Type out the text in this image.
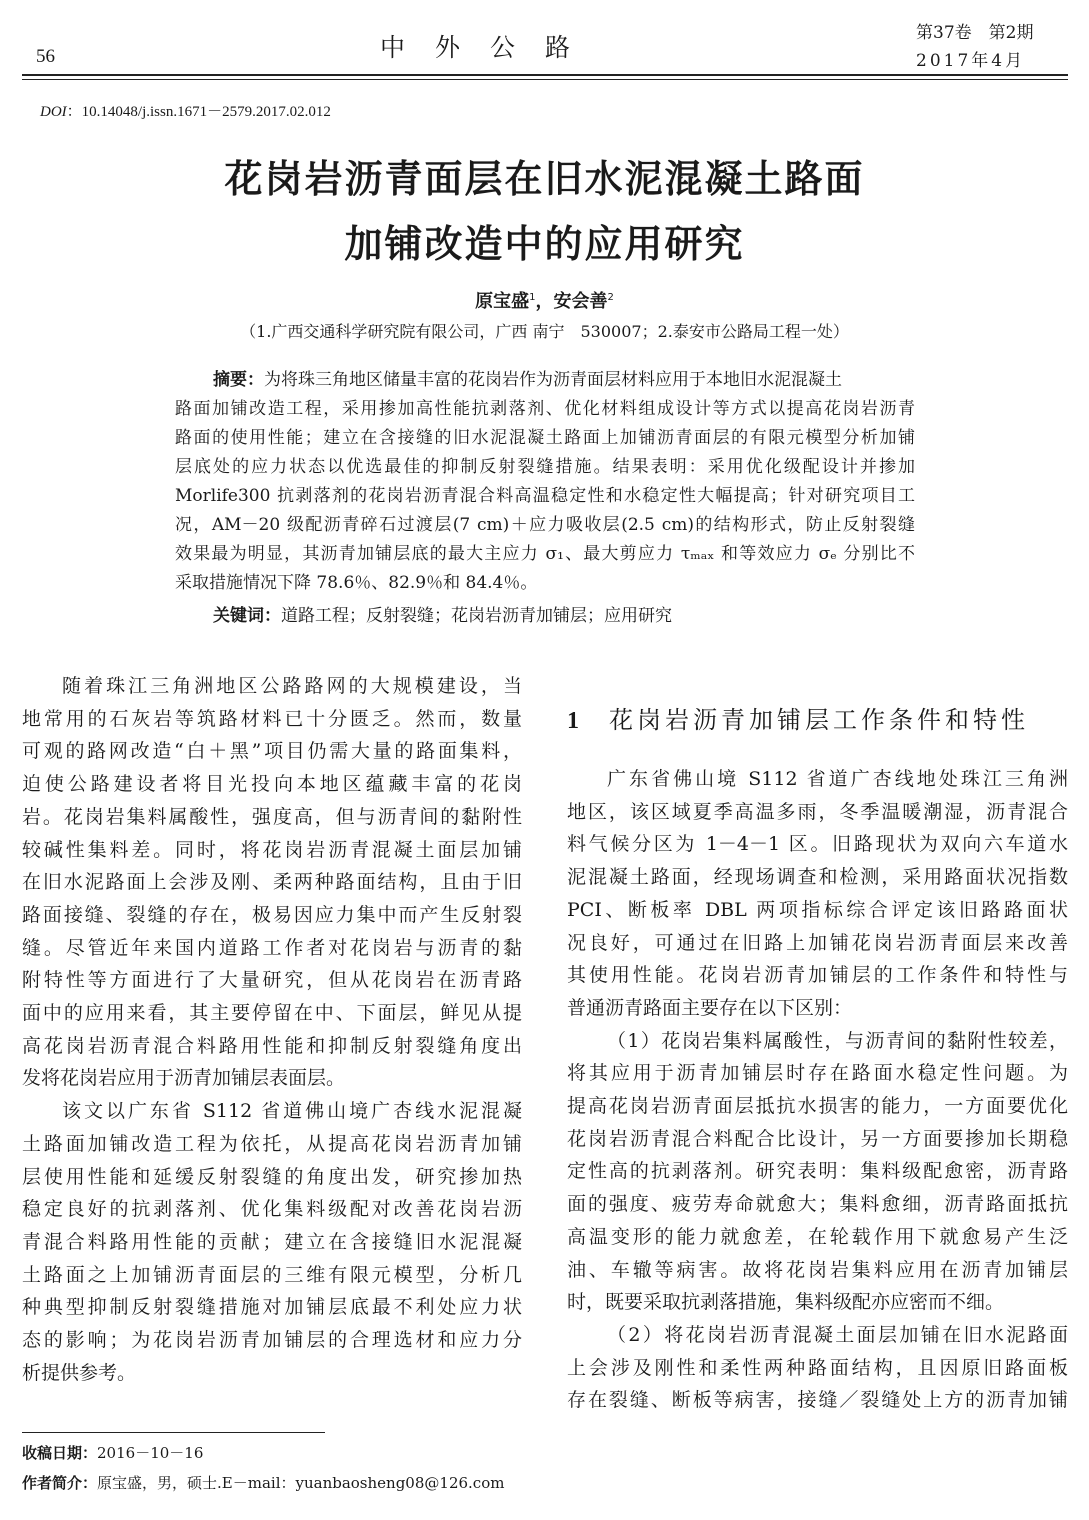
56	中外公路	第37卷　第2期
2017年4月
DOI：10.14048/j.issn.1671－2579.2017.02.012
花岗岩沥青面层在旧水泥混凝土路面
加铺改造中的应用研究
原宝盛$^1$，安会善$^2$
（1.广西交通科学研究院有限公司，广西 南宁　530007；2.泰安市公路局工程一处）
摘要：为将珠三角地区储量丰富的花岗岩作为沥青面层材料应用于本地旧水泥混凝土
路面加铺改造工程，采用掺加高性能抗剥落剂、优化材料组成设计等方式以提高花岗岩沥青
路面的使用性能；建立在含接缝的旧水泥混凝土路面上加铺沥青面层的有限元模型分析加铺
层底处的应力状态以优选最佳的抑制反射裂缝措施。结果表明：采用优化级配设计并掺加
Morlife300 抗剥落剂的花岗岩沥青混合料高温稳定性和水稳定性大幅提高；针对研究项目工
况，AM－20 级配沥青碎石过渡层(7 cm)＋应力吸收层(2.5 cm)的结构形式，防止反射裂缝
效果最为明显，其沥青加铺层底的最大主应力 σ₁、最大剪应力 τₘₐₓ 和等效应力 σₑ 分别比不
采取措施情况下降 78.6％、82.9％和 84.4％。
关键词：道路工程；反射裂缝；花岗岩沥青加铺层；应用研究
1 花岗岩沥青加铺层工作条件和特性
随着珠江三角洲地区公路路网的大规模建设，当
地常用的石灰岩等筑路材料已十分匮乏。然而，数量
可观的路网改造“白＋黑”项目仍需大量的路面集料，
迫使公路建设者将目光投向本地区蕴藏丰富的花岗
岩。花岗岩集料属酸性，强度高，但与沥青间的黏附性
较碱性集料差。同时，将花岗岩沥青混凝土面层加铺
在旧水泥路面上会涉及刚、柔两种路面结构，且由于旧
路面接缝、裂缝的存在，极易因应力集中而产生反射裂
缝。尽管近年来国内道路工作者对花岗岩与沥青的黏
附特性等方面进行了大量研究，但从花岗岩在沥青路
面中的应用来看，其主要停留在中、下面层，鲜见从提
高花岗岩沥青混合料路用性能和抑制反射裂缝角度出
发将花岗岩应用于沥青加铺层表面层。
该文以广东省 S112 省道佛山境广杏线水泥混凝
土路面加铺改造工程为依托，从提高花岗岩沥青加铺
层使用性能和延缓反射裂缝的角度出发，研究掺加热
稳定良好的抗剥落剂、优化集料级配对改善花岗岩沥
青混合料路用性能的贡献；建立在含接缝旧水泥混凝
土路面之上加铺沥青面层的三维有限元模型，分析几
种典型抑制反射裂缝措施对加铺层底最不利处应力状
态的影响；为花岗岩沥青加铺层的合理选材和应力分
析提供参考。
广东省佛山境 S112 省道广杏线地处珠江三角洲
地区，该区域夏季高温多雨，冬季温暖潮湿，沥青混合
料气候分区为 1－4－1 区。旧路现状为双向六车道水
泥混凝土路面，经现场调查和检测，采用路面状况指数
PCI、断板率 DBL 两项指标综合评定该旧路路面状
况良好，可通过在旧路上加铺花岗岩沥青面层来改善
其使用性能。花岗岩沥青加铺层的工作条件和特性与
普通沥青路面主要存在以下区别：
（1）花岗岩集料属酸性，与沥青间的黏附性较差，
将其应用于沥青加铺层时存在路面水稳定性问题。为
提高花岗岩沥青面层抵抗水损害的能力，一方面要优化
花岗岩沥青混合料配合比设计，另一方面要掺加长期稳
定性高的抗剥落剂。研究表明：集料级配愈密，沥青路
面的强度、疲劳寿命就愈大；集料愈细，沥青路面抵抗
高温变形的能力就愈差，在轮载作用下就愈易产生泛
油、车辙等病害。故将花岗岩集料应用在沥青加铺层
时，既要采取抗剥落措施，集料级配亦应密而不细。
（2）将花岗岩沥青混凝土面层加铺在旧水泥路面
上会涉及刚性和柔性两种路面结构，且因原旧路面板
存在裂缝、断板等病害，接缝／裂缝处上方的沥青加铺
收稿日期：2016－10－16
作者简介：原宝盛，男，硕士.E－mail：yuanbaosheng08@126.com
